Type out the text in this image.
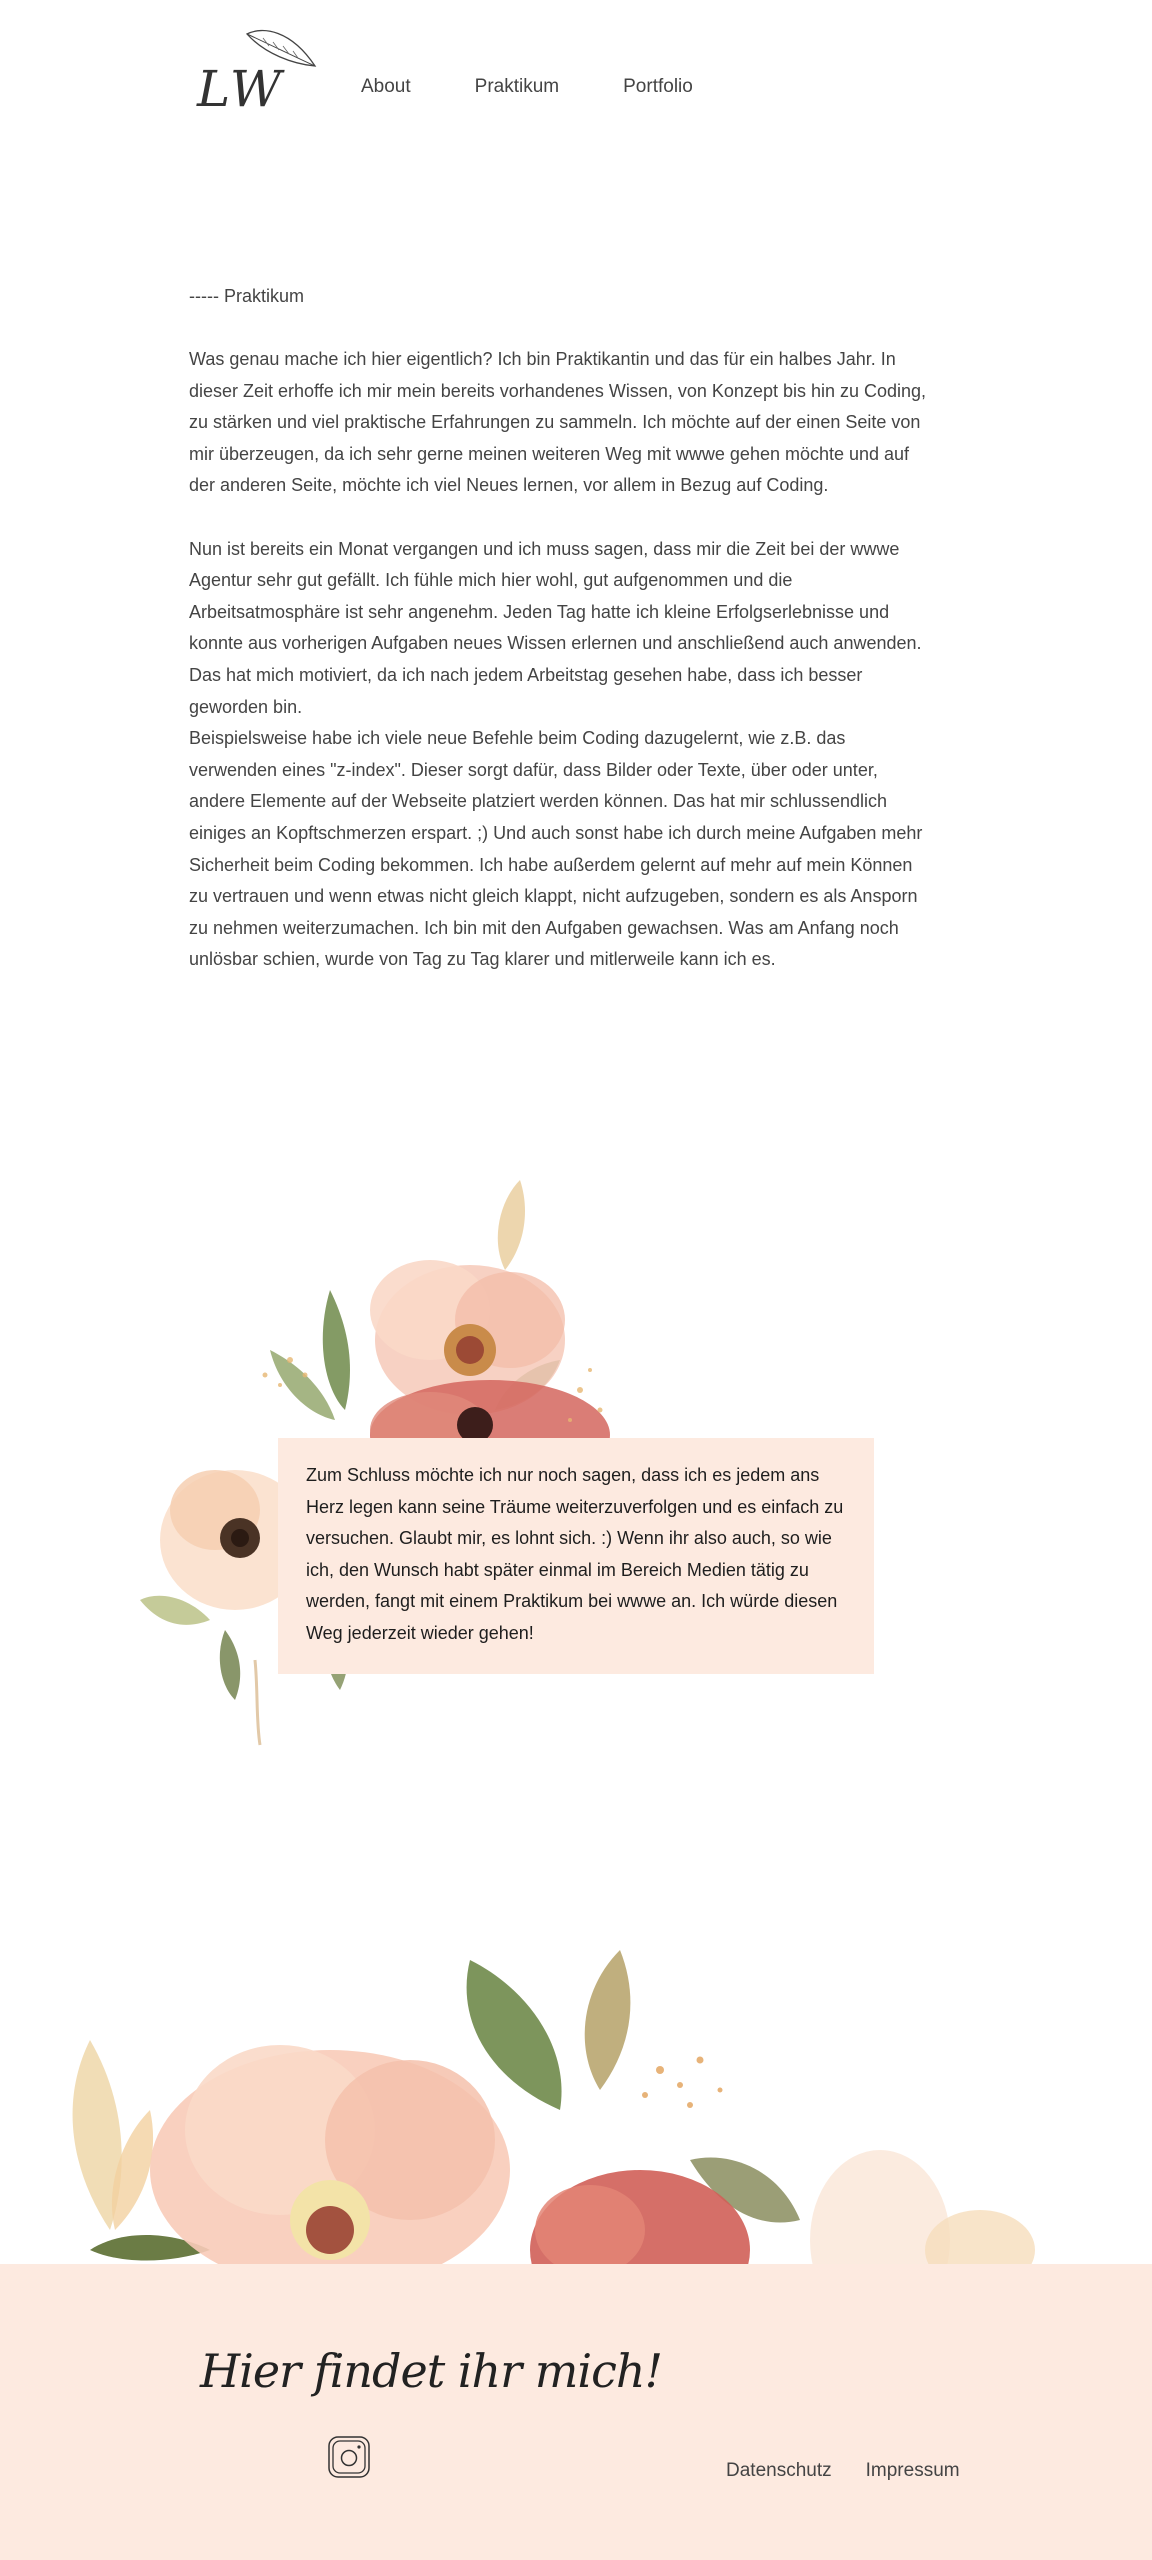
LW	About	Praktikum	Portfolio

----- Praktikum

Was genau mache ich hier eigentlich? Ich bin Praktikantin und das für ein halbes Jahr. In dieser Zeit erhoffe ich mir mein bereits vorhandenes Wissen, von Konzept bis hin zu Coding, zu stärken und viel praktische Erfahrungen zu sammeln. Ich möchte auf der einen Seite von mir überzeugen, da ich sehr gerne meinen weiteren Weg mit wwwe gehen möchte und auf der anderen Seite, möchte ich viel Neues lernen, vor allem in Bezug auf Coding.

Nun ist bereits ein Monat vergangen und ich muss sagen, dass mir die Zeit bei der wwwe Agentur sehr gut gefällt. Ich fühle mich hier wohl, gut aufgenommen und die Arbeitsatmosphäre ist sehr angenehm. Jeden Tag hatte ich kleine Erfolgserlebnisse und konnte aus vorherigen Aufgaben neues Wissen erlernen und anschließend auch anwenden. Das hat mich motiviert, da ich nach jedem Arbeitstag gesehen habe, dass ich besser geworden bin.

Beispielsweise habe ich viele neue Befehle beim Coding dazugelernt, wie z.B. das verwenden eines "z-index". Dieser sorgt dafür, dass Bilder oder Texte, über oder unter, andere Elemente auf der Webseite platziert werden können. Das hat mir schlussendlich einiges an Kopftschmerzen erspart. ;) Und auch sonst habe ich durch meine Aufgaben mehr Sicherheit beim Coding bekommen. Ich habe außerdem gelernt auf mehr auf mein Können zu vertrauen und wenn etwas nicht gleich klappt, nicht aufzugeben, sondern es als Ansporn zu nehmen weiterzumachen. Ich bin mit den Aufgaben gewachsen. Was am Anfang noch unlösbar schien, wurde von Tag zu Tag klarer und mitlerweile kann ich es.

Zum Schluss möchte ich nur noch sagen, dass ich es jedem ans Herz legen kann seine Träume weiterzuverfolgen und es einfach zu versuchen. Glaubt mir, es lohnt sich. :) Wenn ihr also auch, so wie ich, den Wunsch habt später einmal im Bereich Medien tätig zu werden, fangt mit einem Praktikum bei wwwe an. Ich würde diesen Weg jederzeit wieder gehen!

Hier findet ihr mich!
Datenschutz Impressum
